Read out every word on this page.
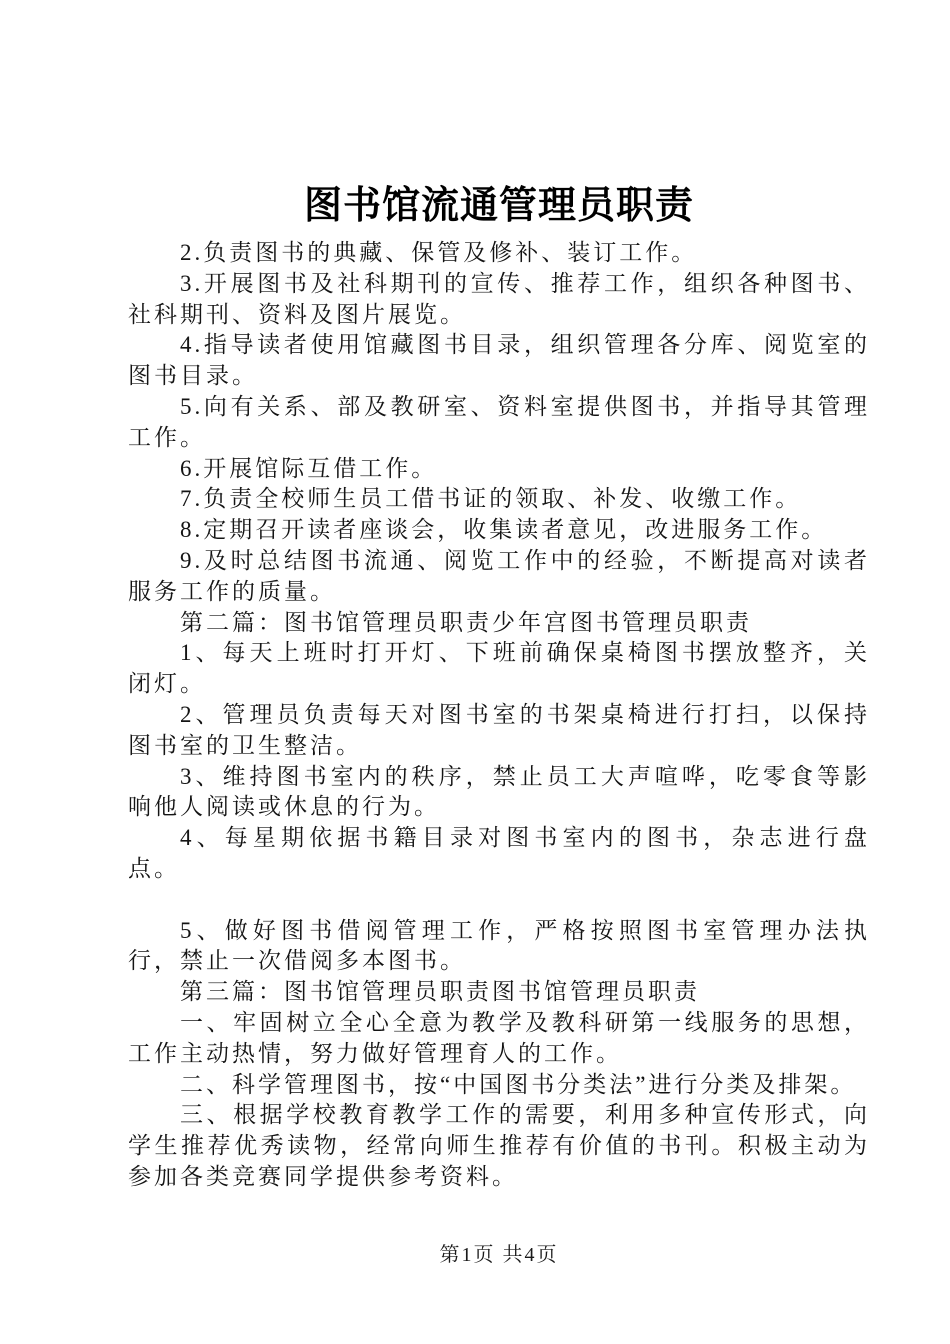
图书馆流通管理员职责

2.负责图书的典藏、保管及修补、装订工作。

3.开展图书及社科期刊的宣传、推荐工作，组织各种图书、社科期刊、资料及图片展览。

4.指导读者使用馆藏图书目录，组织管理各分库、阅览室的图书目录。

5.向有关系、部及教研室、资料室提供图书，并指导其管理工作。

6.开展馆际互借工作。

7.负责全校师生员工借书证的领取、补发、收缴工作。

8.定期召开读者座谈会，收集读者意见，改进服务工作。

9.及时总结图书流通、阅览工作中的经验，不断提高对读者服务工作的质量。

第二篇：图书馆管理员职责少年宫图书管理员职责

1、每天上班时打开灯、下班前确保桌椅图书摆放整齐，关闭灯。

2、管理员负责每天对图书室的书架桌椅进行打扫，以保持图书室的卫生整洁。

3、维持图书室内的秩序，禁止员工大声喧哗，吃零食等影响他人阅读或休息的行为。

4、每星期依据书籍目录对图书室内的图书，杂志进行盘点。

5、做好图书借阅管理工作，严格按照图书室管理办法执行，禁止一次借阅多本图书。

第三篇：图书馆管理员职责图书馆管理员职责

一、牢固树立全心全意为教学及教科研第一线服务的思想，工作主动热情，努力做好管理育人的工作。

二、科学管理图书，按“中国图书分类法”进行分类及排架。

三、根据学校教育教学工作的需要，利用多种宣传形式，向学生推荐优秀读物，经常向师生推荐有价值的书刊。积极主动为参加各类竞赛同学提供参考资料。

第1页 共4页
